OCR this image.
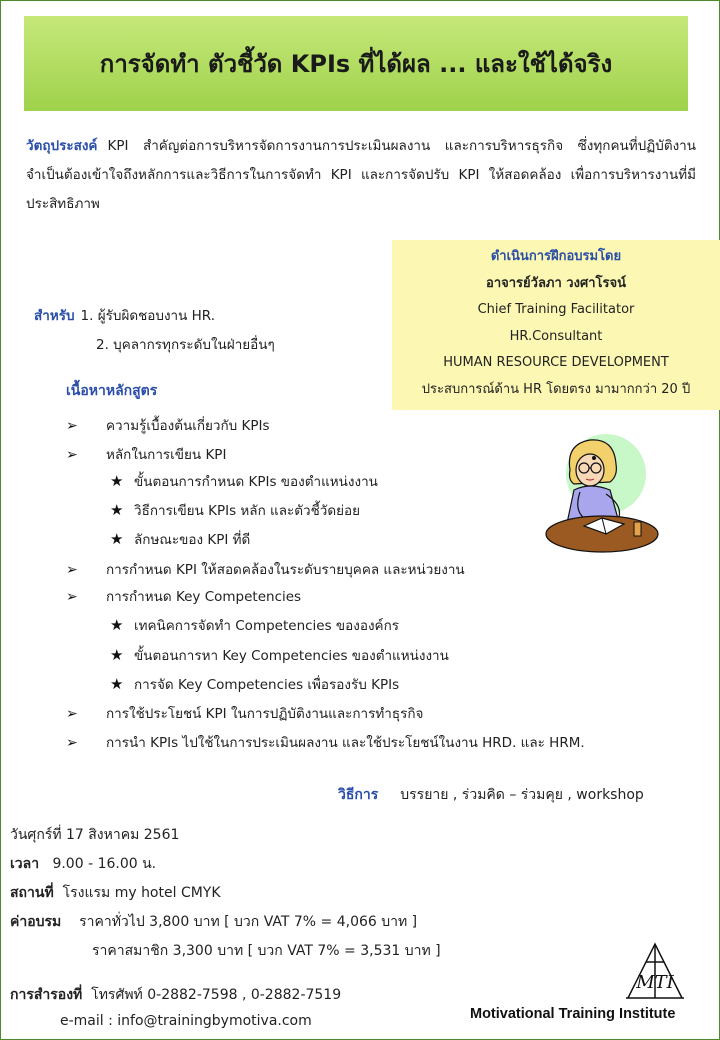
การจัดทำ ตัวชี้วัด KPIs ที่ได้ผล ... และใช้ได้จริง
วัตถุประสงค์ KPI สำคัญต่อการบริหารจัดการงานการประเมินผลงาน และการบริหารธุรกิจ ซึ่งทุกคนที่ปฏิบัติงานจำเป็นต้องเข้าใจถึงหลักการและวิธีการในการจัดทำ KPI และการจัดปรับ KPI ให้สอดคล้อง เพื่อการบริหารงานที่มีประสิทธิภาพ
ดำเนินการฝึกอบรมโดย
อาจารย์วัลภา วงศาโรจน์
Chief Training Facilitator
HR.Consultant
HUMAN RESOURCE DEVELOPMENT
ประสบการณ์ด้าน HR โดยตรง มามากกว่า 20 ปี
สำหรับ 1. ผู้รับผิดชอบงาน HR.
2. บุคลากรทุกระดับในฝ่ายอื่นๆ
เนื้อหาหลักสูตร
➢ ความรู้เบื้องต้นเกี่ยวกับ KPIs
➢ หลักในการเขียน KPI
★ ขั้นตอนการกำหนด KPIs ของตำแหน่งงาน
★ วิธีการเขียน KPIs หลัก และตัวชี้วัดย่อย
★ ลักษณะของ KPI ที่ดี
➢ การกำหนด KPI ให้สอดคล้องในระดับรายบุคคล และหน่วยงาน
➢ การกำหนด Key Competencies
★ เทคนิคการจัดทำ Competencies ขององค์กร
★ ขั้นตอนการหา Key Competencies ของตำแหน่งงาน
★ การจัด Key Competencies เพื่อรองรับ KPIs
➢ การใช้ประโยชน์ KPI ในการปฏิบัติงานและการทำธุรกิจ
➢ การนำ KPIs ไปใช้ในการประเมินผลงาน และใช้ประโยชน์ในงาน HRD. และ HRM.
วิธีการ บรรยาย , ร่วมคิด – ร่วมคุย , workshop
วันศุกร์ที่ 17 สิงหาคม 2561
เวลา 9.00 - 16.00 น.
สถานที่ โรงแรม my hotel CMYK
ค่าอบรม ราคาทั่วไป 3,800 บาท [ บวก VAT 7% = 4,066 บาท ]
ราคาสมาชิก 3,300 บาท [ บวก VAT 7% = 3,531 บาท ]
การสำรองที่ โทรศัพท์ 0-2882-7598 , 0-2882-7519
e-mail : info@trainingbymotiva.com
MTI
Motivational Training Institute
